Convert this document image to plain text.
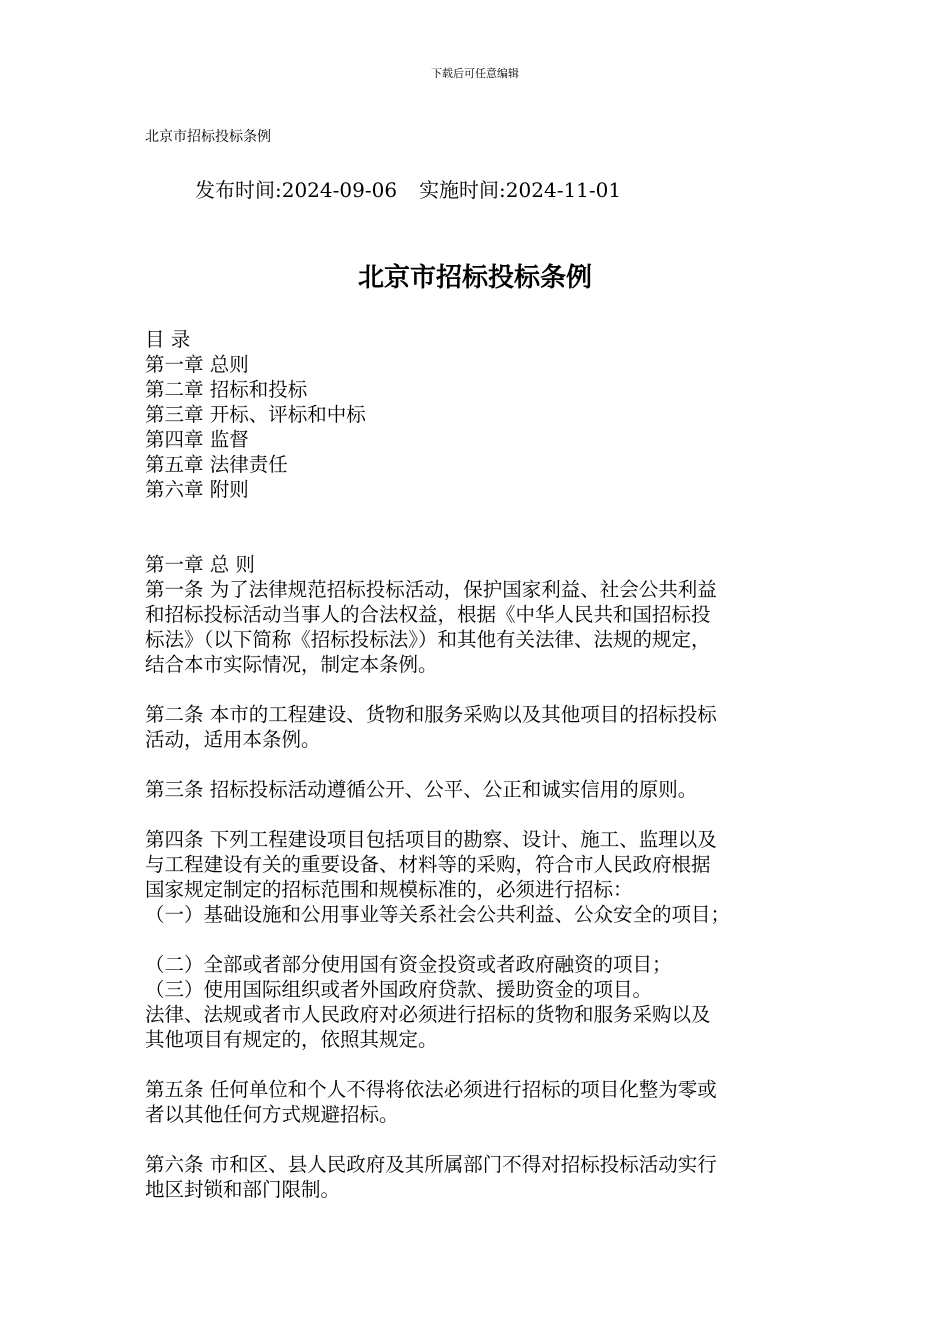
下载后可任意编辑
北京市招标投标条例
发布时间:2024-09-06 实施时间:2024-11-01
北京市招标投标条例
目 录
第一章 总则
第二章 招标和投标
第三章 开标、评标和中标
第四章 监督
第五章 法律责任
第六章 附则
第一章 总 则
第一条 为了法律规范招标投标活动，保护国家利益、社会公共利益
和招标投标活动当事人的合法权益，根据《中华人民共和国招标投
标法》（以下简称《招标投标法》）和其他有关法律、法规的规定，
结合本市实际情况，制定本条例。
第二条 本市的工程建设、货物和服务采购以及其他项目的招标投标
活动，适用本条例。
第三条 招标投标活动遵循公开、公平、公正和诚实信用的原则。
第四条 下列工程建设项目包括项目的勘察、设计、施工、监理以及
与工程建设有关的重要设备、材料等的采购，符合市人民政府根据
国家规定制定的招标范围和规模标准的，必须进行招标：
（一）基础设施和公用事业等关系社会公共利益、公众安全的项目；
（二）全部或者部分使用国有资金投资或者政府融资的项目；
（三）使用国际组织或者外国政府贷款、援助资金的项目。
法律、法规或者市人民政府对必须进行招标的货物和服务采购以及
其他项目有规定的，依照其规定。
第五条 任何单位和个人不得将依法必须进行招标的项目化整为零或
者以其他任何方式规避招标。
第六条 市和区、县人民政府及其所属部门不得对招标投标活动实行
地区封锁和部门限制。
